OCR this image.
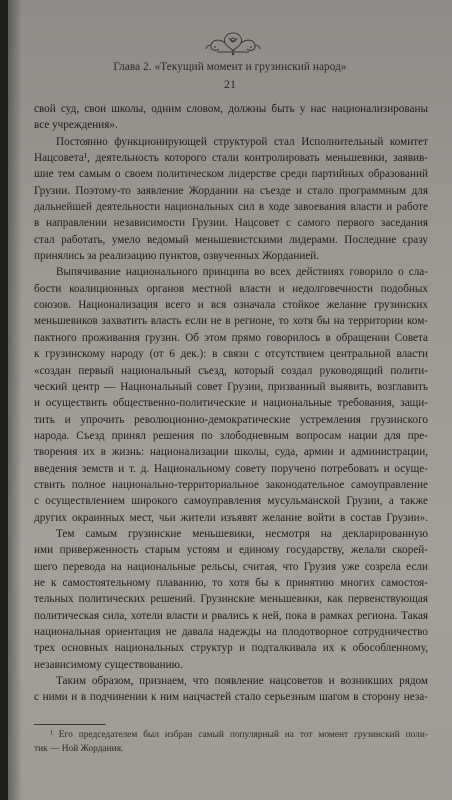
Глава 2. «Текущий момент и грузинский народ»
21
свой суд, свои школы, одним словом, должны быть у нас национализированы
все учреждения».
Постоянно функционирующей структурой стал Исполнительный комитет
Нацсовета¹, деятельность которого стали контролировать меньшевики, заявив-
шие тем самым о своем политическом лидерстве среди партийных образований
Грузии. Поэтому-то заявление Жордании на съезде и стало программным для
дальнейшей деятельности национальных сил в ходе завоевания власти и работе
в направлении независимости Грузии. Нацсовет с самого первого заседания
стал работать, умело ведомый меньшевистскими лидерами. Последние сразу
принялись за реализацию пунктов, озвученных Жорданией.
Выпячивание национального принципа во всех действиях говорило о сла-
бости коалиционных органов местной власти и недолговечности подобных
союзов. Национализация всего и вся означала стойкое желание грузинских
меньшевиков захватить власть если не в регионе, то хотя бы на территории ком-
пактного проживания грузин. Об этом прямо говорилось в обращении Совета
к грузинскому народу (от 6 дек.): в связи с отсутствием центральной власти
«создан первый национальный съезд, который создал руководящий полити-
ческий центр — Национальный совет Грузии, призванный выявить, возглавить
и осуществить общественно-политические и национальные требования, защи-
тить и упрочить революционно-демократические устремления грузинского
народа. Съезд принял решения по злободневным вопросам нации для пре-
творения их в жизнь: национализации школы, суда, армии и администрации,
введения земств и т. д. Национальному совету поручено потребовать и осуще-
ствить полное национально-территориальное законодательное самоуправление
с осуществлением широкого самоуправления мусульманской Грузии, а также
других окраинных мест, чьи жители изъявят желание войти в состав Грузии».
Тем самым грузинские меньшевики, несмотря на декларированную
ими приверженность старым устоям и единому государству, желали скорей-
шего перевода на национальные рельсы, считая, что Грузия уже созрела если
не к самостоятельному плаванию, то хотя бы к принятию многих самостоя-
тельных политических решений. Грузинские меньшевики, как первенствующая
политическая сила, хотели власти и рвались к ней, пока в рамках региона. Такая
национальная ориентация не давала надежды на плодотворное сотрудничество
трех основных национальных структур и подталкивала их к обособленному,
независимому существованию.
Таким образом, признаем, что появление нацсоветов и возникших рядом
с ними и в подчинении к ним нацчастей стало серьезным шагом в сторону неза-
¹ Его председателем был избран самый популярный на тот момент грузинский поли-
тик — Ной Жордания.
